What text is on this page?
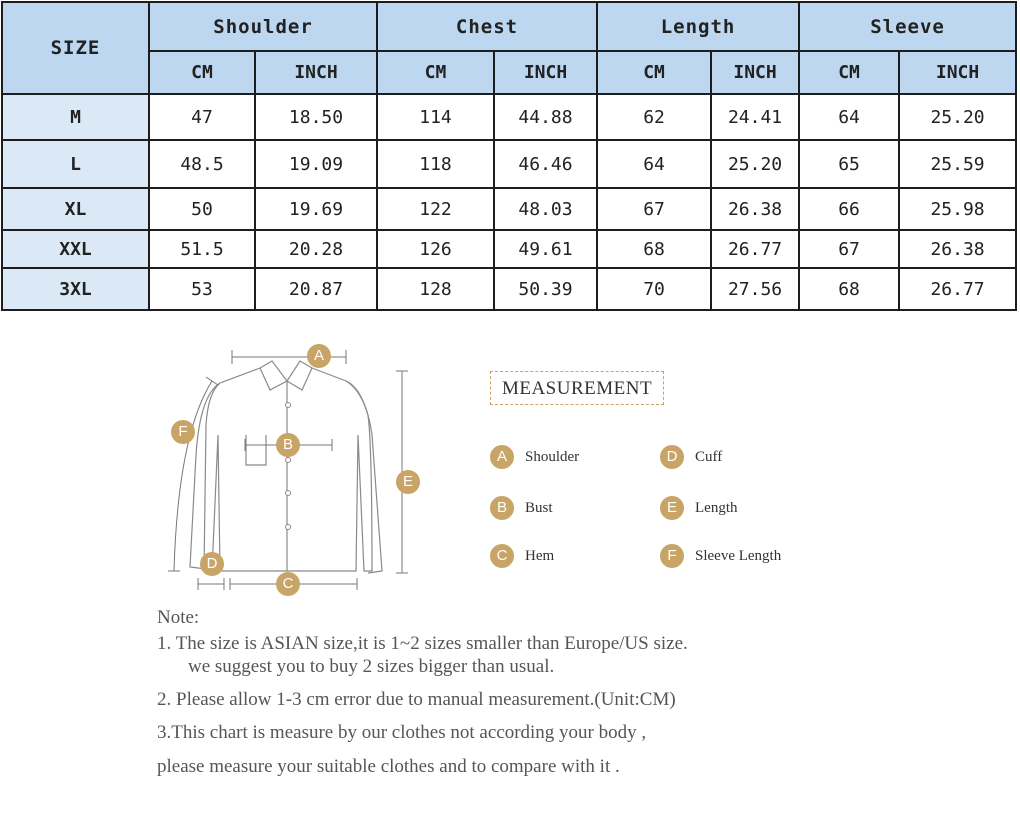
SIZE	Shoulder		Chest		Length		Sleeve	
	CM	INCH	CM	INCH	CM	INCH	CM	INCH
M	47	18.50	114	44.88	62	24.41	64	25.20
L	48.5	19.09	118	46.46	64	25.20	65	25.59
XL	50	19.69	122	48.03	67	26.38	66	25.98
XXL	51.5	20.28	126	49.61	68	26.77	67	26.38
3XL	53	20.87	128	50.39	70	27.56	68	26.77
A
B
C
D
E
F
MEASUREMENT
A	Shoulder	D	Cuff
B	Bust	E	Length
C	Hem	F	Sleeve Length
Note:
1. The size is ASIAN size,it is 1~2 sizes smaller than Europe/US size.
we suggest you to buy 2 sizes bigger than usual.
2. Please allow 1-3 cm error due to manual measurement.(Unit:CM)
3.This chart is measure by our clothes not according your body ,
please measure your suitable clothes and to compare with it .
